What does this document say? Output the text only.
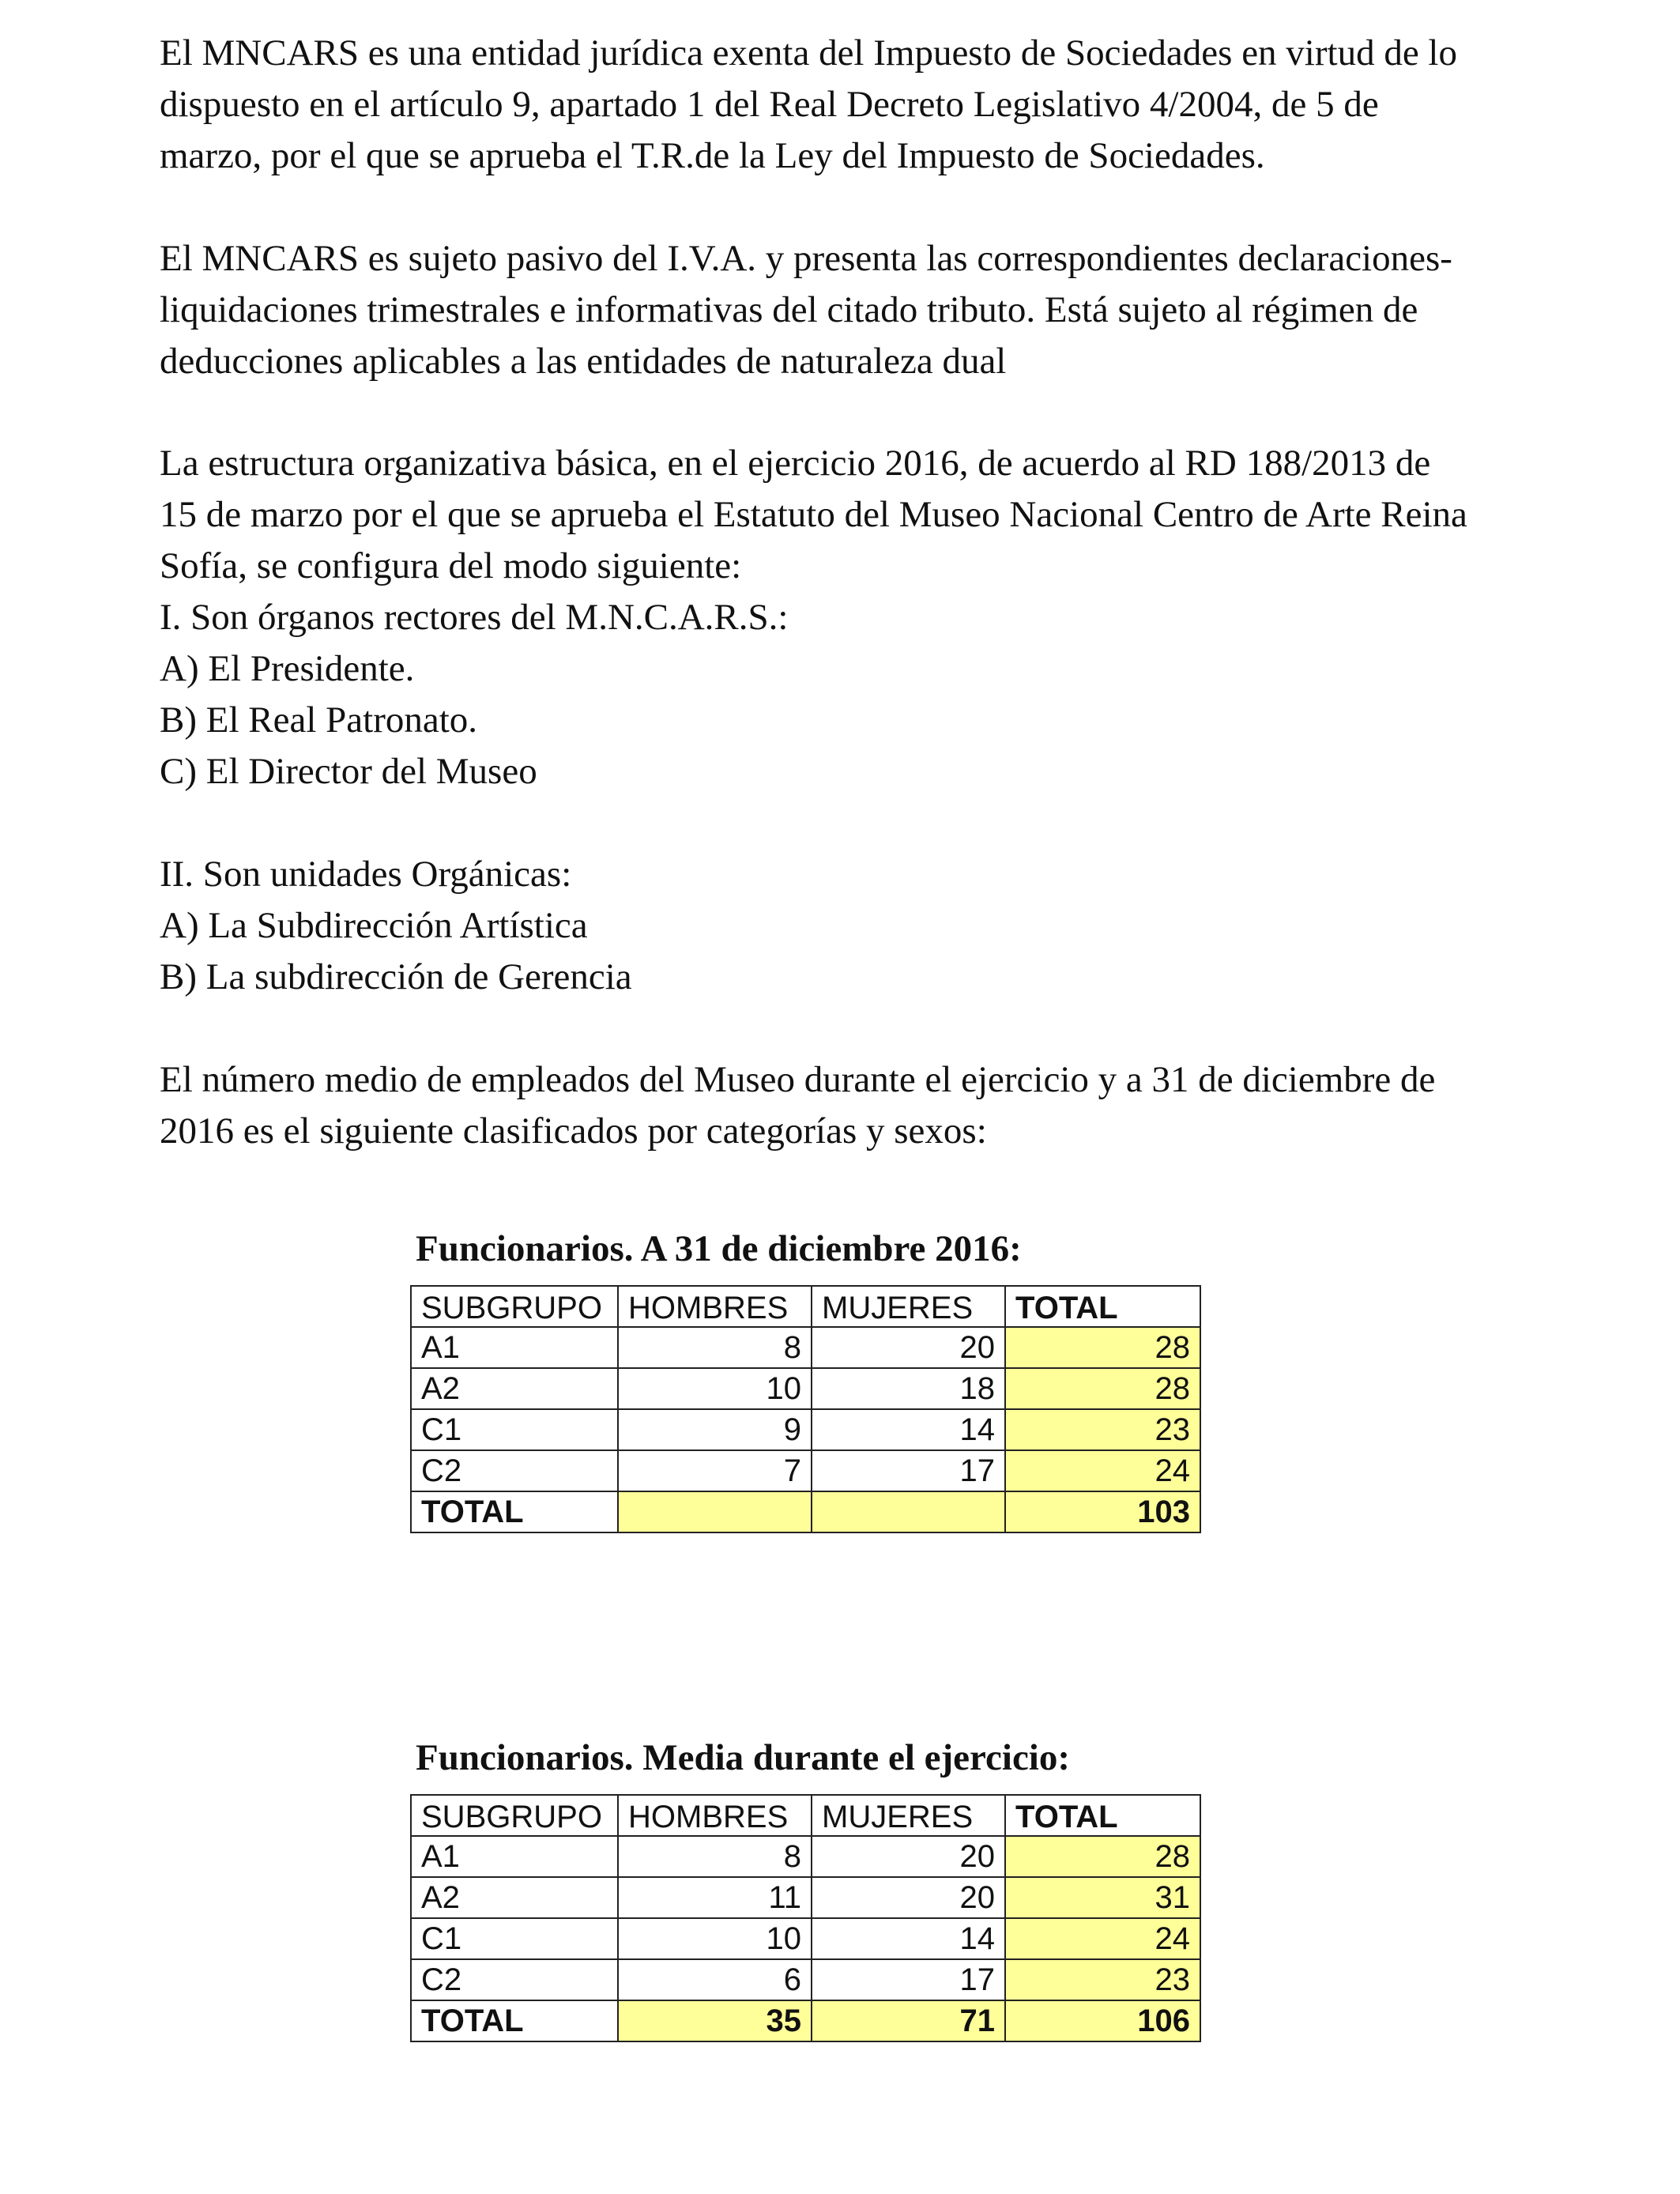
El MNCARS es una entidad jurídica exenta del Impuesto de Sociedades en virtud de lo
dispuesto en el artículo 9, apartado 1 del Real Decreto Legislativo 4/2004, de 5 de
marzo, por el que se aprueba el T.R.de la Ley del Impuesto de Sociedades.
El MNCARS es sujeto pasivo del I.V.A. y presenta las correspondientes declaraciones-
liquidaciones trimestrales e informativas del citado tributo. Está sujeto al régimen de
deducciones aplicables a las entidades de naturaleza dual
La estructura organizativa básica, en el ejercicio 2016, de acuerdo al RD 188/2013 de
15 de marzo por el que se aprueba el Estatuto del Museo Nacional Centro de Arte Reina
Sofía, se configura del modo siguiente:
I. Son órganos rectores del M.N.C.A.R.S.:
A) El Presidente.
B) El Real Patronato.
C) El Director del Museo
II. Son unidades Orgánicas:
A) La Subdirección Artística
B) La subdirección de Gerencia
El número medio de empleados del Museo durante el ejercicio y a 31 de diciembre de
2016 es el siguiente clasificados por categorías y sexos:
Funcionarios. A 31 de diciembre 2016:
SUBGRUPO	HOMBRES	MUJERES	TOTAL
A1	8	20	28
A2	10	18	28
C1	9	14	23
C2	7	17	24
TOTAL			103
Funcionarios. Media durante el ejercicio:
SUBGRUPO	HOMBRES	MUJERES	TOTAL
A1	8	20	28
A2	11	20	31
C1	10	14	24
C2	6	17	23
TOTAL	35	71	106
